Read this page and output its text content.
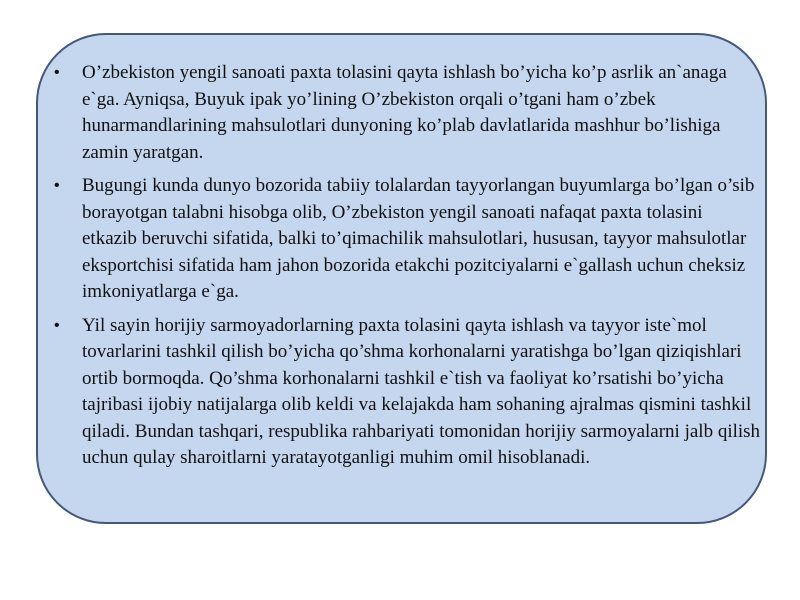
• O’zbekiston yengil sanoati paxta tolasini qayta ishlash bo’yicha ko’p asrlik an`anaga e`ga. Ayniqsa, Buyuk ipak yo’lining O’zbekiston orqali o’tgani ham o’zbek hunarmandlarining mahsulotlari dunyoning ko’plab davlatlarida mashhur bo’lishiga zamin yaratgan.
• Bugungi kunda dunyo bozorida tabiiy tolalardan tayyorlangan buyumlarga bo’lgan o’sib borayotgan talabni hisobga olib, O’zbekiston yengil sanoati nafaqat paxta tolasini etkazib beruvchi sifatida, balki to’qimachilik mahsulotlari, hususan, tayyor mahsulotlar eksportchisi sifatida ham jahon bozorida etakchi pozitciyalarni e`gallash uchun cheksiz imkoniyatlarga e`ga.
• Yil sayin horijiy sarmoyadorlarning paxta tolasini qayta ishlash va tayyor iste`mol tovarlarini tashkil qilish bo’yicha qo’shma korhonalarni yaratishga bo’lgan qiziqishlari ortib bormoqda. Qo’shma korhonalarni tashkil e`tish va faoliyat ko’rsatishi bo’yicha tajribasi ijobiy natijalarga olib keldi va kelajakda ham sohaning ajralmas qismini tashkil qiladi. Bundan tashqari, respublika rahbariyati tomonidan horijiy sarmoyalarni jalb qilish uchun qulay sharoitlarni yaratayotganligi muhim omil hisoblanadi.
